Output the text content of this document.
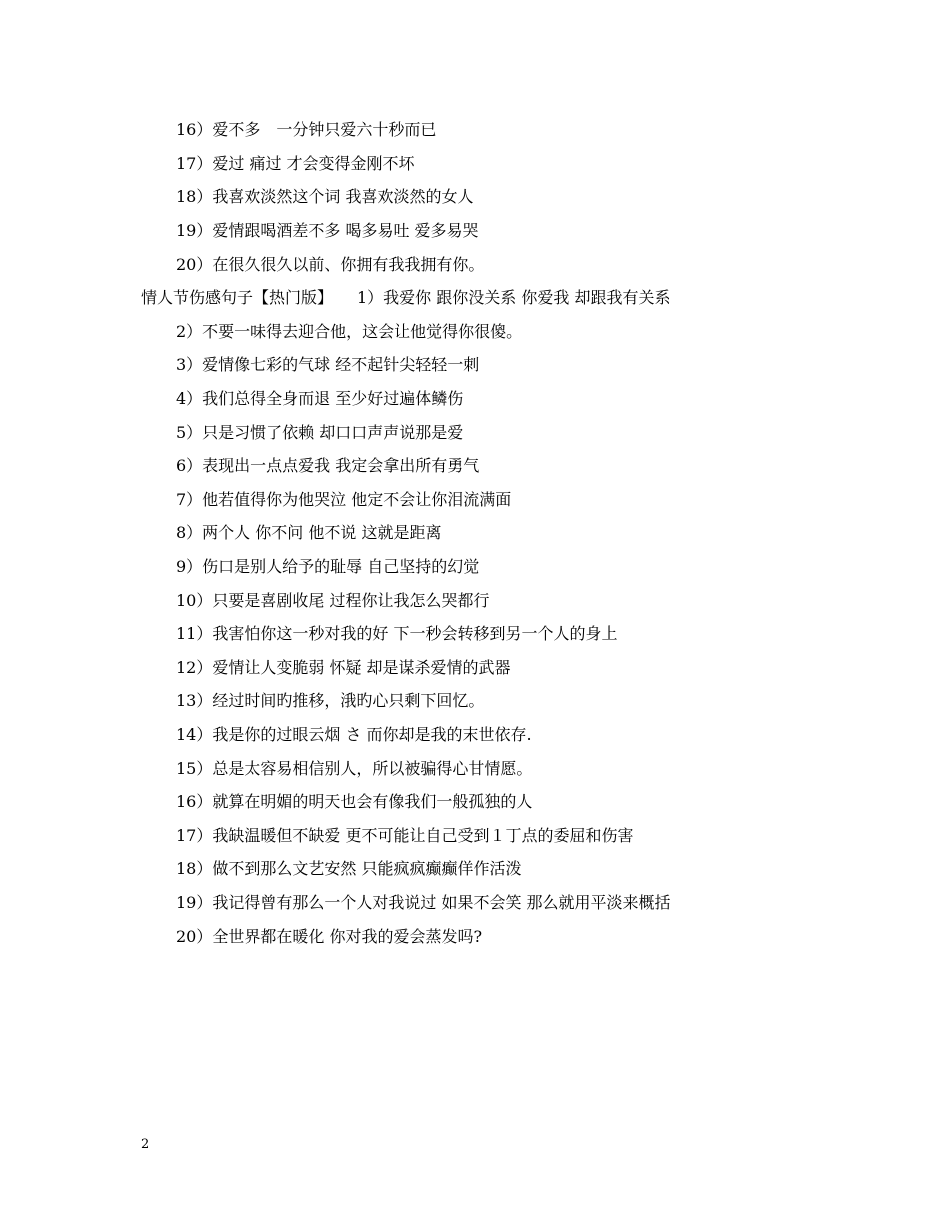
16）爱不多　一分钟只爱六十秒而已
17）爱过 痛过 才会变得金刚不坏
18）我喜欢淡然这个词 我喜欢淡然的女人
19）爱情跟喝酒差不多 喝多易吐 爱多易哭
20）在很久很久以前、你拥有我我拥有你。
情人节伤感句子【热门版】　　1）我爱你 跟你没关系 你爱我 却跟我有关系
2）不要一味得去迎合他，这会让他觉得你很傻。
3）爱情像七彩的气球 经不起针尖轻轻一刺
4）我们总得全身而退 至少好过遍体鳞伤
5）只是习惯了依赖 却口口声声说那是爱
6）表现出一点点爱我 我定会拿出所有勇气
7）他若值得你为他哭泣 他定不会让你泪流满面
8）两个人 你不问 他不说 这就是距离
9）伤口是别人给予的耻辱 自己坚持的幻觉
10）只要是喜剧收尾 过程你让我怎么哭都行
11）我害怕你这一秒对我的好 下一秒会转移到另一个人的身上
12）爱情让人变脆弱 怀疑 却是谋杀爱情的武器
13）经过时间旳推移，涐旳心只剩下回忆。
14）我是你的过眼云烟 さ 而你却是我的末世依存.
15）总是太容易相信别人，所以被骗得心甘情愿。
16）就算在明媚的明天也会有像我们一般孤独的人
17）我缺温暖但不缺爱 更不可能让自己受到１丁点的委屈和伤害
18）做不到那么文艺安然 只能疯疯癫癫佯作活泼
19）我记得曾有那么一个人对我说过 如果不会笑 那么就用平淡来概括
20）全世界都在暖化 你对我的爱会蒸发吗?
2
